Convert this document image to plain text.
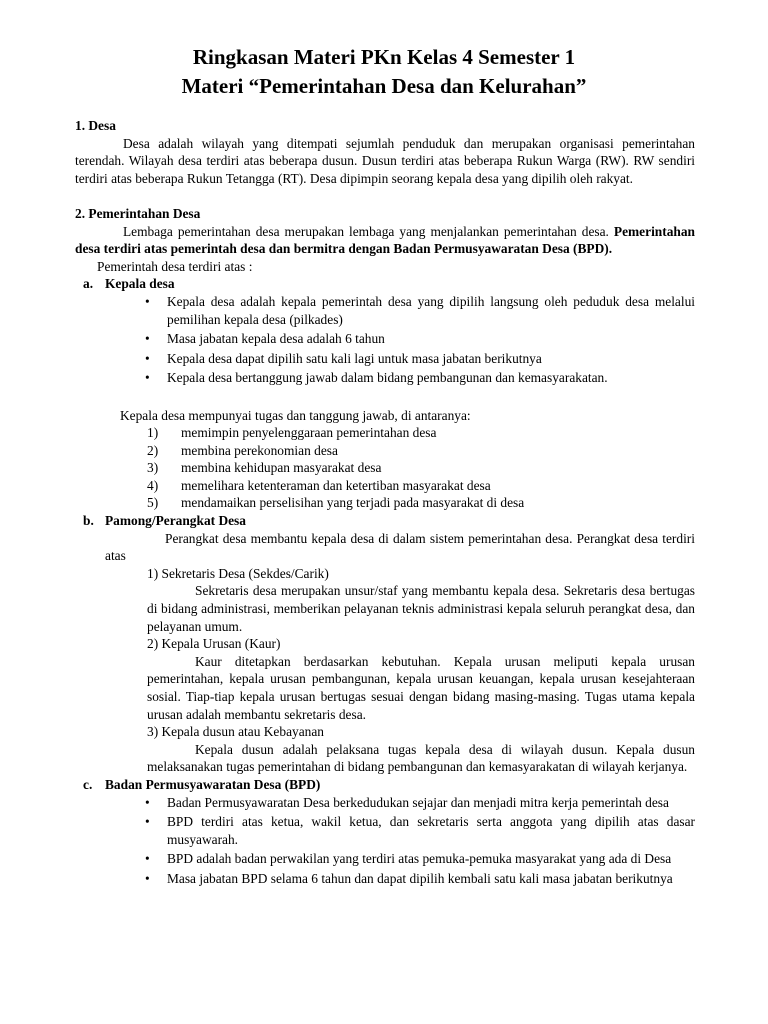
Ringkasan Materi PKn Kelas 4 Semester 1
Materi “Pemerintahan Desa dan Kelurahan”
1. Desa
Desa adalah wilayah yang ditempati sejumlah penduduk dan merupakan organisasi pemerintahan terendah. Wilayah desa terdiri atas beberapa dusun. Dusun terdiri atas beberapa Rukun Warga (RW). RW sendiri terdiri atas beberapa Rukun Tetangga (RT). Desa dipimpin seorang kepala desa yang dipilih oleh rakyat.
2. Pemerintahan Desa
Lembaga pemerintahan desa merupakan lembaga yang menjalankan pemerintahan desa. Pemerintahan desa terdiri atas pemerintah desa dan bermitra dengan Badan Permusyawaratan Desa (BPD).
Pemerintah desa terdiri atas :
a. Kepala desa
• Kepala desa adalah kepala pemerintah desa yang dipilih langsung oleh peduduk desa melalui pemilihan kepala desa (pilkades)
• Masa jabatan kepala desa adalah 6 tahun
• Kepala desa dapat dipilih satu kali lagi untuk masa jabatan berikutnya
• Kepala desa bertanggung jawab dalam bidang pembangunan dan kemasyarakatan.
Kepala desa mempunyai tugas dan tanggung jawab, di antaranya:
1)	memimpin penyelenggaraan pemerintahan desa
2)	membina perekonomian desa
3)	membina kehidupan masyarakat desa
4)	memelihara ketenteraman dan ketertiban masyarakat desa
5)	mendamaikan perselisihan yang terjadi pada masyarakat di desa
b. Pamong/Perangkat Desa
Perangkat desa membantu kepala desa di dalam sistem pemerintahan desa. Perangkat desa terdiri atas
1) Sekretaris Desa (Sekdes/Carik)
Sekretaris desa merupakan unsur/staf yang membantu kepala desa. Sekretaris desa bertugas di bidang administrasi, memberikan pelayanan teknis administrasi kepala seluruh perangkat desa, dan pelayanan umum.
2) Kepala Urusan (Kaur)
Kaur ditetapkan berdasarkan kebutuhan. Kepala urusan meliputi kepala urusan pemerintahan, kepala urusan pembangunan, kepala urusan keuangan, kepala urusan kesejahteraan sosial. Tiap-tiap kepala urusan bertugas sesuai dengan bidang masing-masing. Tugas utama kepala urusan adalah membantu sekretaris desa.
3) Kepala dusun atau Kebayanan
Kepala dusun adalah pelaksana tugas kepala desa di wilayah dusun. Kepala dusun melaksanakan tugas pemerintahan di bidang pembangunan dan kemasyarakatan di wilayah kerjanya.
c. Badan Permusyawaratan Desa (BPD)
• Badan Permusyawaratan Desa berkedudukan sejajar dan menjadi mitra kerja pemerintah desa
• BPD terdiri atas ketua, wakil ketua, dan sekretaris serta anggota yang dipilih atas dasar musyawarah.
• BPD adalah badan perwakilan yang terdiri atas pemuka-pemuka masyarakat yang ada di Desa
• Masa jabatan BPD selama 6 tahun dan dapat dipilih kembali satu kali masa jabatan berikutnya
